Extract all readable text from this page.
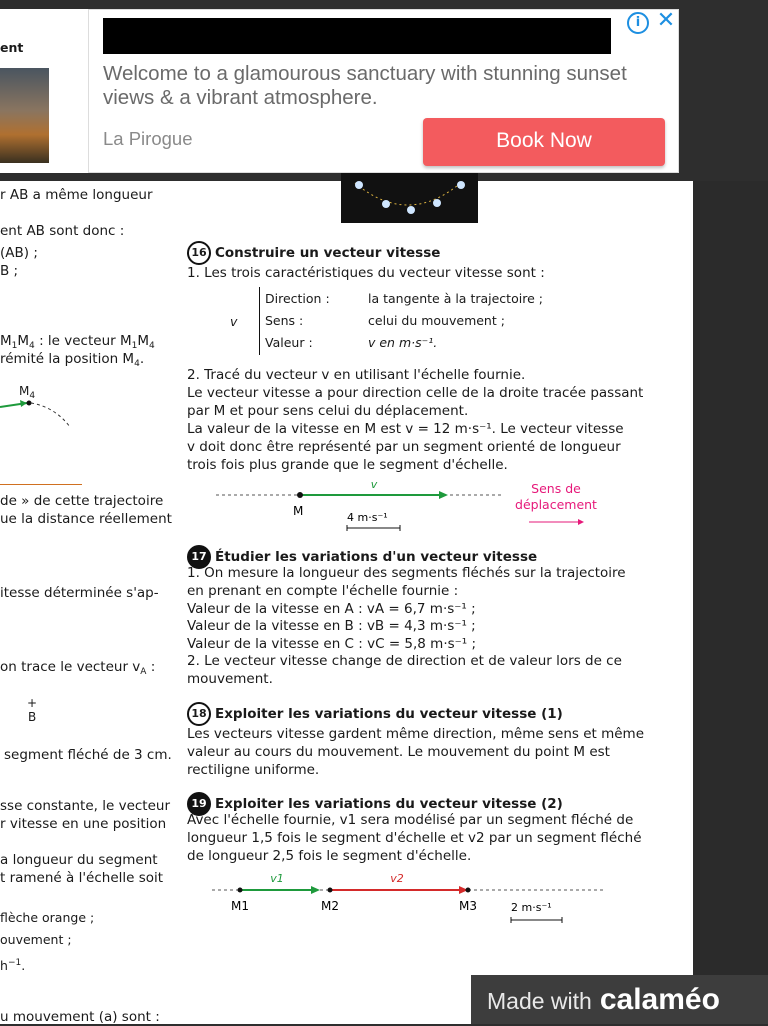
ent
r AB a même longueur
ent AB sont donc :
(AB) ;
B ;
$M_1M_4$ : le vecteur $M_1M_4$
rémité la position $M_4$.
$M_4$
de » de cette trajectoire
ue la distance réellement
itesse déterminée s'ap-
on trace le vecteur $v_A$ :
+
B
segment fléché de 3 cm.
sse constante, le vecteur
r vitesse en une position
a longueur du segment
t ramené à l'échelle soit
flèche orange ;
ouvement ;
$h^{-1}$.
u mouvement (a) sont :
16 Construire un vecteur vitesse
1. Les trois caractéristiques du vecteur vitesse sont :
v
Direction :	la tangente à la trajectoire ;
Sens :	celui du mouvement ;
Valeur :	v en m·s⁻¹.
2. Tracé du vecteur v en utilisant l'échelle fournie.
Le vecteur vitesse a pour direction celle de la droite tracée passant
par M et pour sens celui du déplacement.
La valeur de la vitesse en M est v = 12 m·s⁻¹. Le vecteur vitesse
v doit donc être représenté par un segment orienté de longueur
trois fois plus grande que le segment d'échelle.
v
M	4 m·s⁻¹
Sens de
déplacement
17 Étudier les variations d'un vecteur vitesse
1. On mesure la longueur des segments fléchés sur la trajectoire
en prenant en compte l'échelle fournie :
Valeur de la vitesse en A : vA = 6,7 m·s⁻¹ ;
Valeur de la vitesse en B : vB = 4,3 m·s⁻¹ ;
Valeur de la vitesse en C : vC = 5,8 m·s⁻¹ ;
2. Le vecteur vitesse change de direction et de valeur lors de ce
mouvement.
18 Exploiter les variations du vecteur vitesse (1)
Les vecteurs vitesse gardent même direction, même sens et même
valeur au cours du mouvement. Le mouvement du point M est
rectiligne uniforme.
19 Exploiter les variations du vecteur vitesse (2)
Avec l'échelle fournie, v1 sera modélisé par un segment fléché de
longueur 1,5 fois le segment d'échelle et v2 par un segment fléché
de longueur 2,5 fois le segment d'échelle.
v1	v2
M1	M2	M3	2 m·s⁻¹
i ✕
Welcome to a glamourous sanctuary with stunning sunset views & a vibrant atmosphere.
La Pirogue	Book Now
Made with calaméo
